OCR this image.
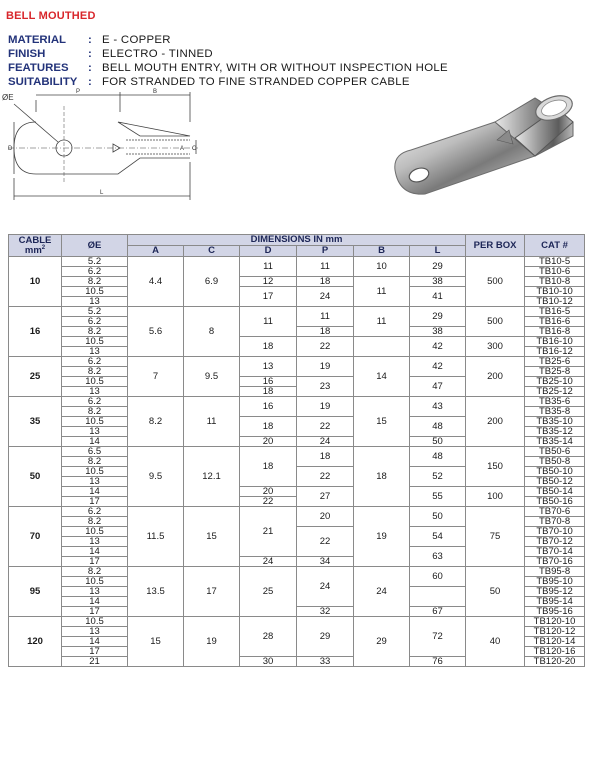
BELL MOUTHED
MATERIAL	: E - COPPER
FINISH	: ELECTRO - TINNED
FEATURES	: BELL MOUTH ENTRY, WITH OR WITHOUT INSPECTION HOLE
SUITABILITY : FOR STRANDED TO FINE STRANDED COPPER CABLE
ØE
P	B
D	A C
L
CABLE
$mm^2$	ØE	DIMENSIONS IN mm						PER BOX	CAT #
		A	C	D	P	B	L		
10	5.2	4.4	6.9	11	11	10	29	500	TB10-5
	6.2								TB10-6
	8.2			12	18	11	38		TB10-8
	10.5			17	24		41		TB10-10
	13								TB10-12
16	5.2	5.6	8	11	11	11	29	500	TB16-5
	6.2								TB16-6
	8.2				18		38		TB16-8
	10.5			18	22		42	300	TB16-10
	13								TB16-12
25	6.2	7	9.5	13	19	14	42	200	TB25-6
	8.2								TB25-8
	10.5			16	23		47		TB25-10
	13			18					TB25-12
35	6.2	8.2	11	16	19	15	43	200	TB35-6
	8.2								TB35-8
	10.5			18	22		48		TB35-10
	13								TB35-12
	14			20	24		50		TB35-14
50	6.5	9.5	12.1	18	18	18	48	150	TB50-6
	8.2								TB50-8
	10.5				22		52		TB50-10
	13								TB50-12
	14			20	27		55	100	TB50-14
	17			22					TB50-16
70	6.2	11.5	15	21	20	19	50	75	TB70-6
	8.2								TB70-8
	10.5				22		54		TB70-10
	13								TB70-12
	14						63		TB70-14
	17			24	34				TB70-16
95	8.2	13.5	17	25	24	24	60	50	TB95-8
	10.5								TB95-10
	13								TB95-12
	14								TB95-14
	17				32		67		TB95-16
120	10.5	15	19	28	29	29	72	40	TB120-10
	13								TB120-12
	14								TB120-14
	17								TB120-16
	21			30	33		76		TB120-20
